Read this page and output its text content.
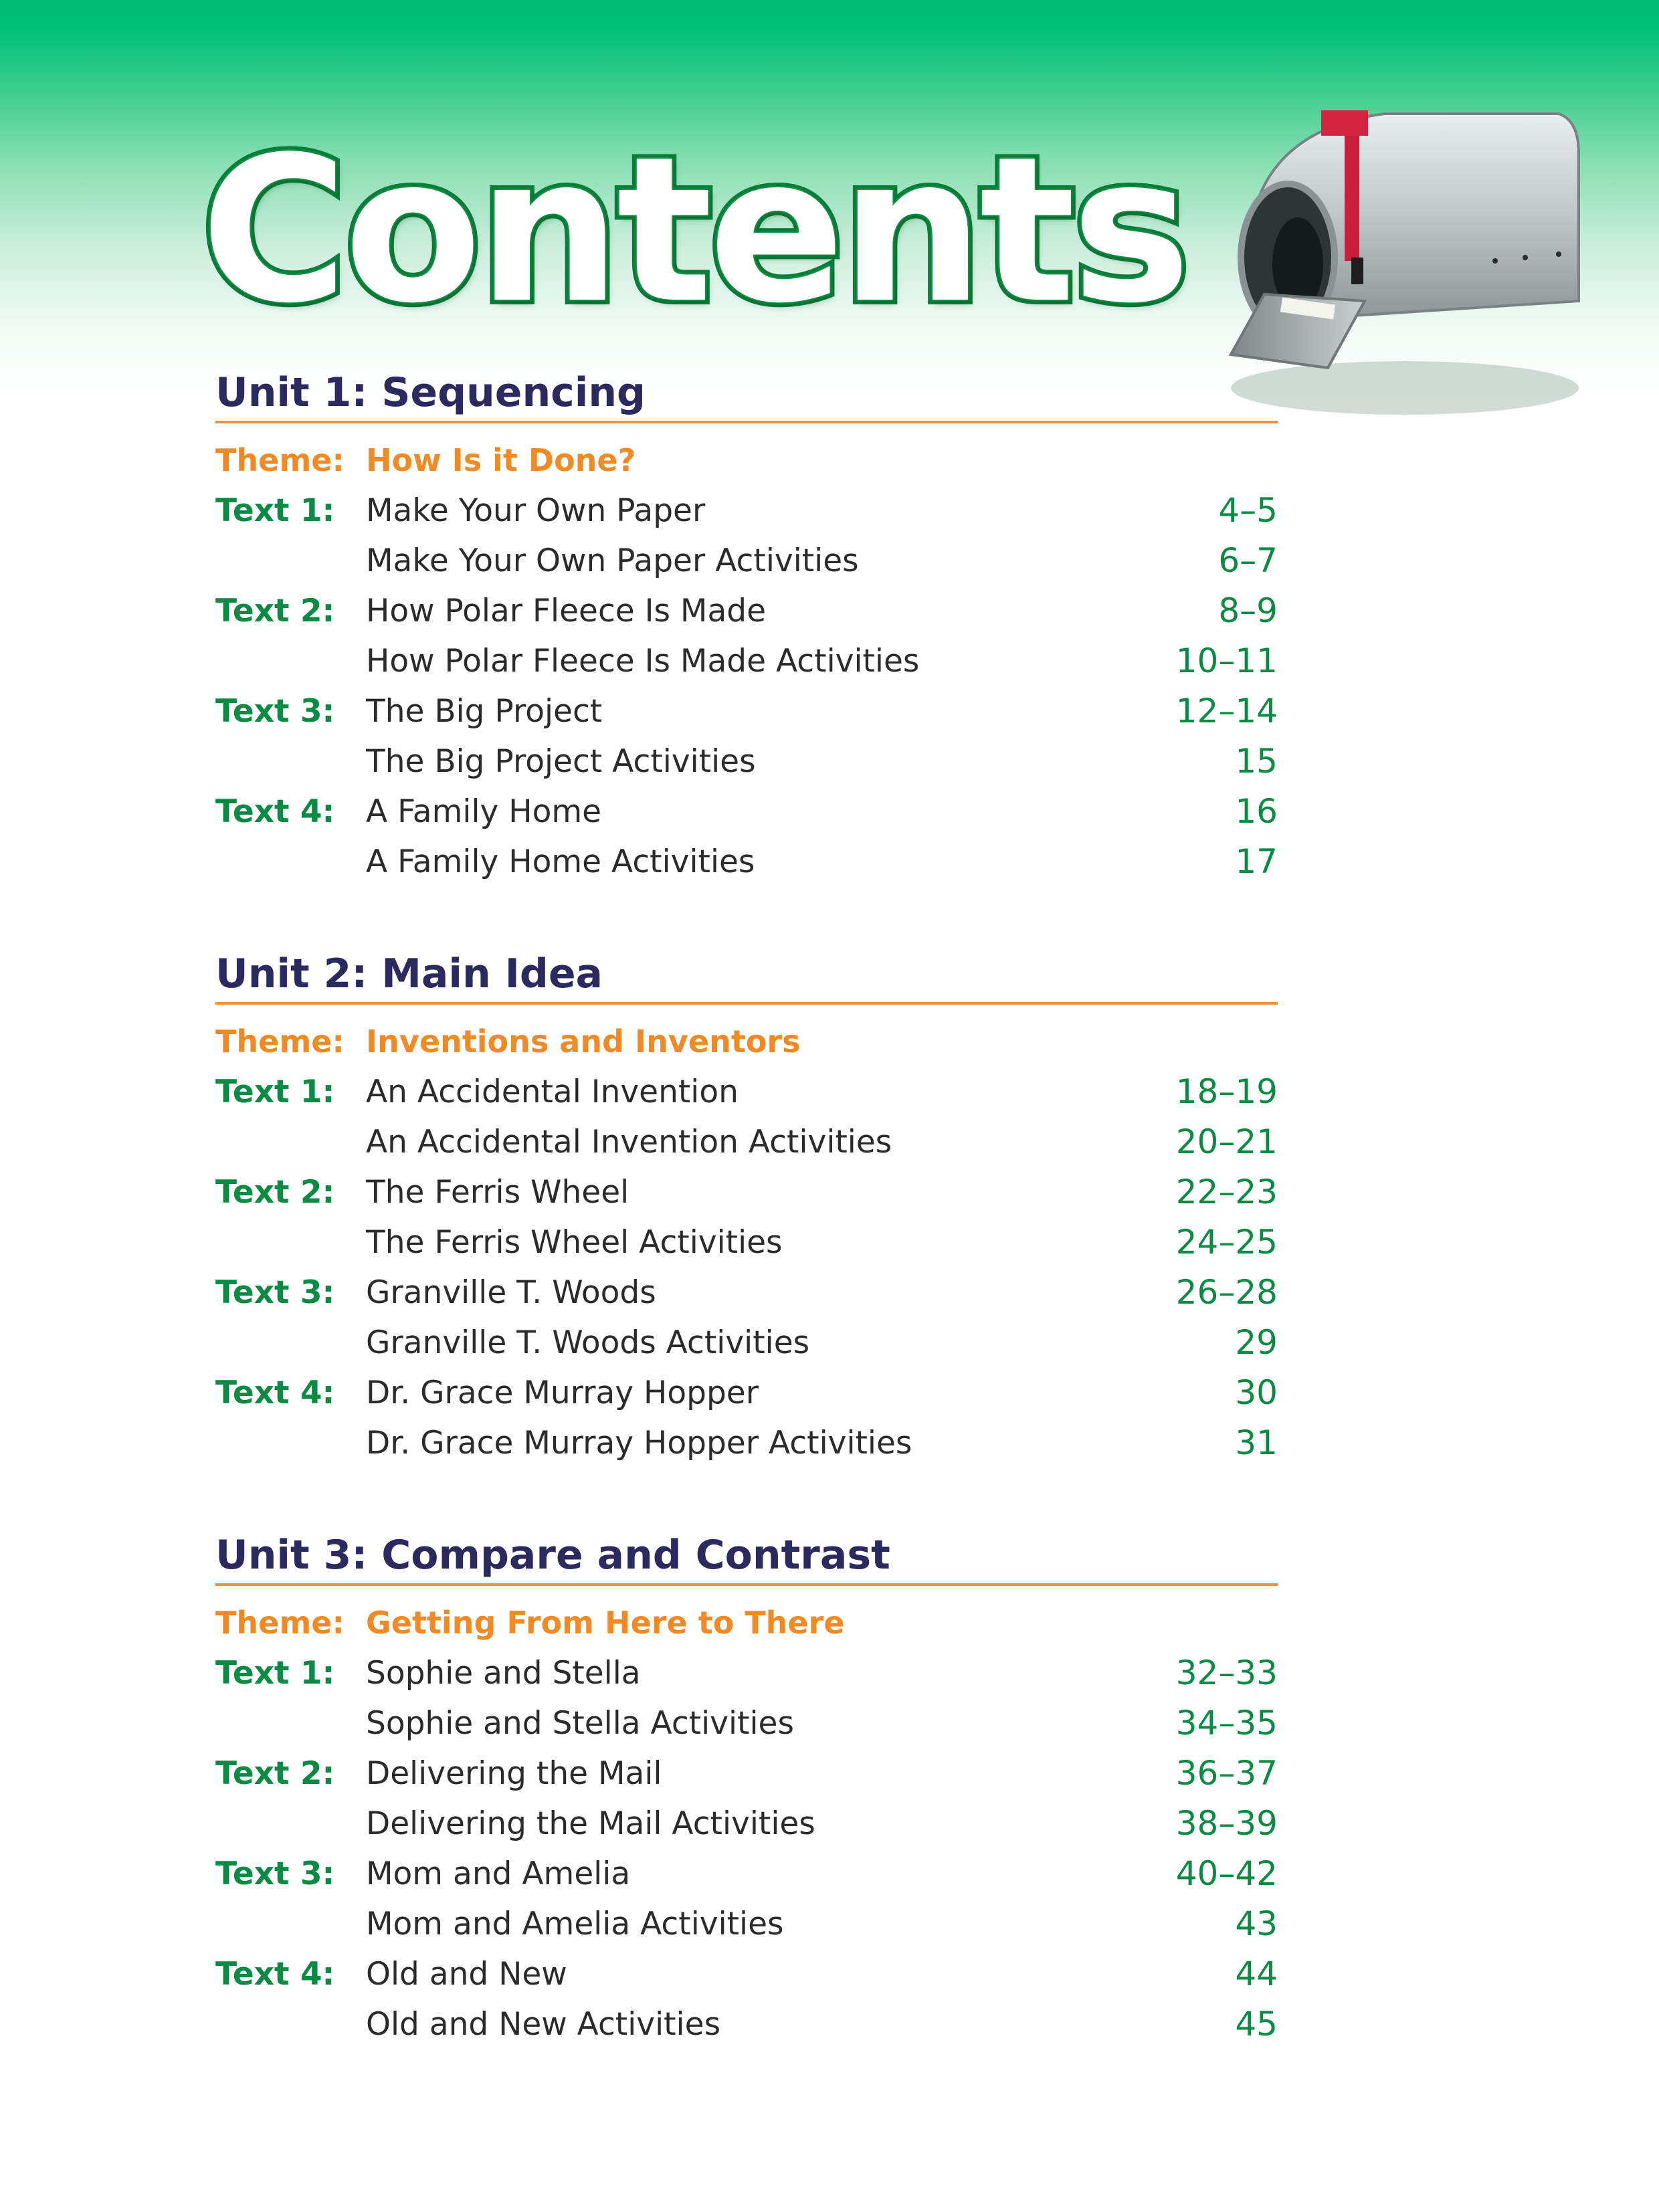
Contents
Unit 1: Sequencing
Theme: How Is it Done?
Text 1: Make Your Own Paper	4–5
Make Your Own Paper Activities	6–7
Text 2: How Polar Fleece Is Made	8–9
How Polar Fleece Is Made Activities	10–11
Text 3: The Big Project	12–14
The Big Project Activities	15
Text 4: A Family Home	16
A Family Home Activities	17
Unit 2: Main Idea
Theme: Inventions and Inventors
Text 1: An Accidental Invention	18–19
An Accidental Invention Activities	20–21
Text 2: The Ferris Wheel	22–23
The Ferris Wheel Activities	24–25
Text 3: Granville T. Woods	26–28
Granville T. Woods Activities	29
Text 4: Dr. Grace Murray Hopper	30
Dr. Grace Murray Hopper Activities	31
Unit 3: Compare and Contrast
Theme: Getting From Here to There
Text 1: Sophie and Stella	32–33
Sophie and Stella Activities	34–35
Text 2: Delivering the Mail	36–37
Delivering the Mail Activities	38–39
Text 3: Mom and Amelia	40–42
Mom and Amelia Activities	43
Text 4: Old and New	44
Old and New Activities	45
